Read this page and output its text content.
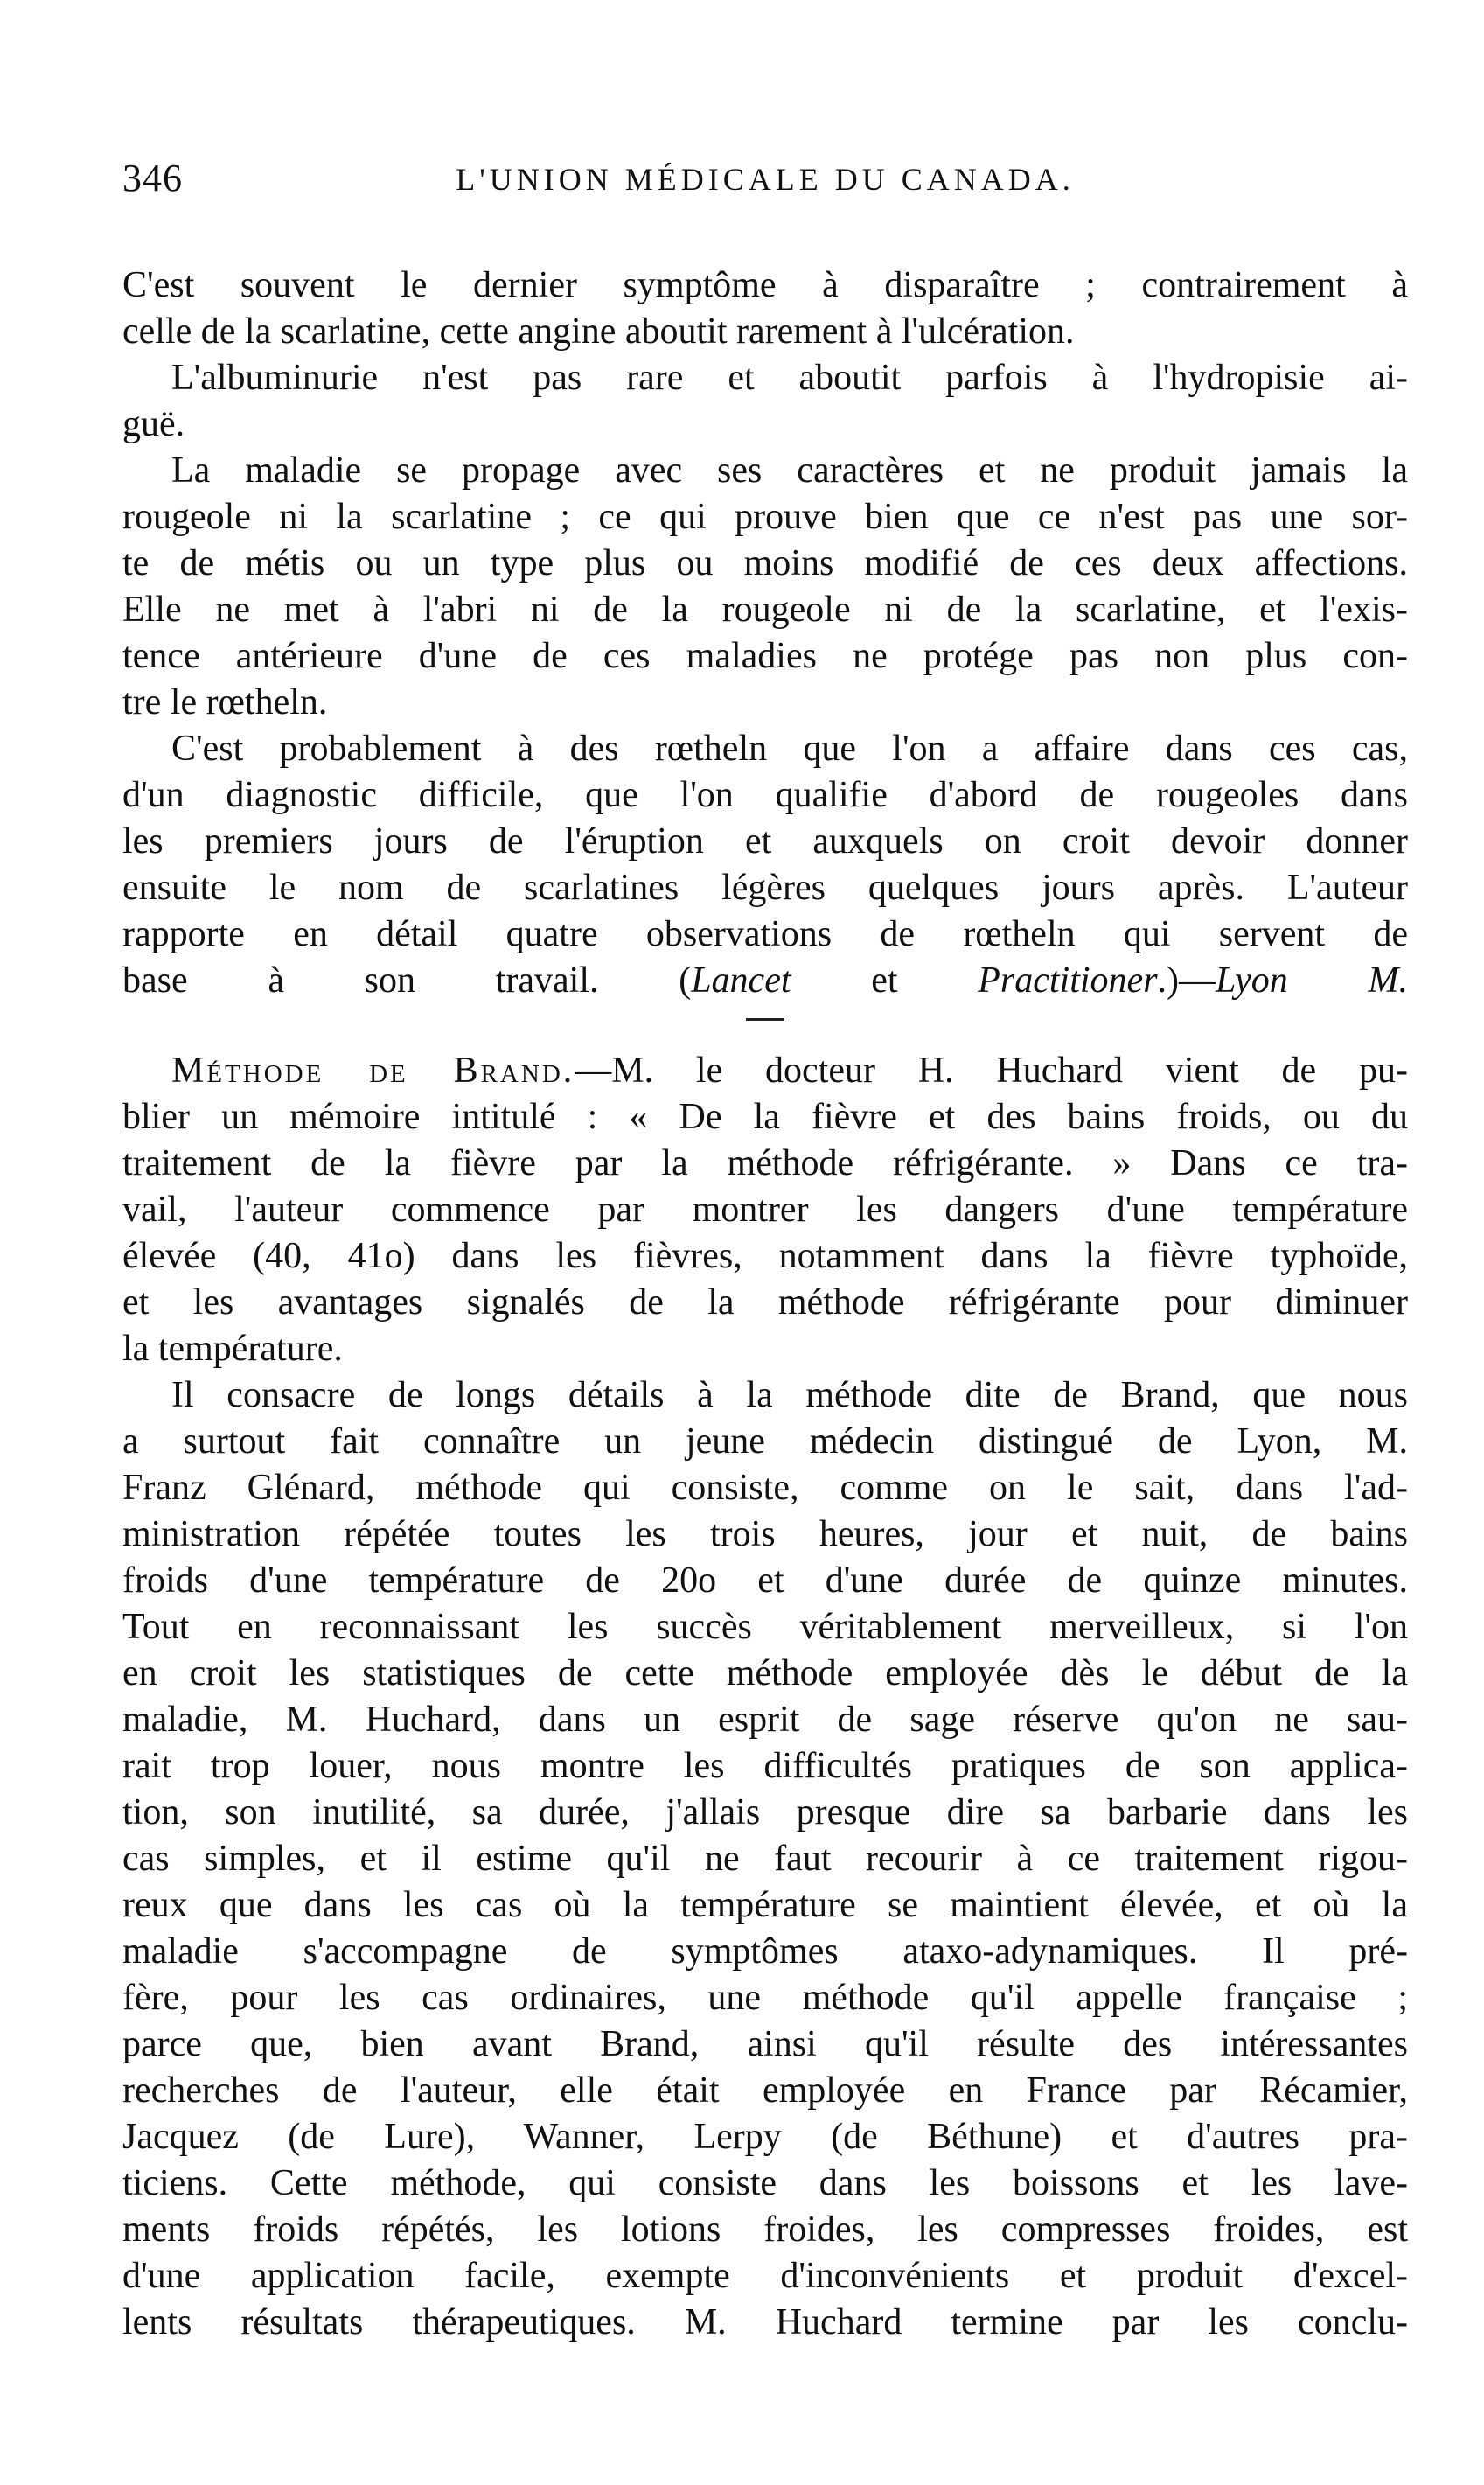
346	L'UNION MÉDICALE DU CANADA.
C'est souvent le dernier symptôme à disparaître ; contrairement à
celle de la scarlatine, cette angine aboutit rarement à l'ulcération.
L'albuminurie n'est pas rare et aboutit parfois à l'hydropisie ai-
guë.
La maladie se propage avec ses caractères et ne produit jamais la
rougeole ni la scarlatine ; ce qui prouve bien que ce n'est pas une sor-
te de métis ou un type plus ou moins modifié de ces deux affections.
Elle ne met à l'abri ni de la rougeole ni de la scarlatine, et l'exis-
tence antérieure d'une de ces maladies ne protége pas non plus con-
tre le rœtheln.
C'est probablement à des rœtheln que l'on a affaire dans ces cas,
d'un diagnostic difficile, que l'on qualifie d'abord de rougeoles dans
les premiers jours de l'éruption et auxquels on croit devoir donner
ensuite le nom de scarlatines légères quelques jours après. L'auteur
rapporte en détail quatre observations de rœtheln qui servent de
base à son travail. (Lancet et Practitioner.)—Lyon M.
Méthode de Brand.—M. le docteur H. Huchard vient de pu-
blier un mémoire intitulé : « De la fièvre et des bains froids, ou du
traitement de la fièvre par la méthode réfrigérante. » Dans ce tra-
vail, l'auteur commence par montrer les dangers d'une température
élevée (40, 41o) dans les fièvres, notamment dans la fièvre typhoïde,
et les avantages signalés de la méthode réfrigérante pour diminuer
la température.
Il consacre de longs détails à la méthode dite de Brand, que nous
a surtout fait connaître un jeune médecin distingué de Lyon, M.
Franz Glénard, méthode qui consiste, comme on le sait, dans l'ad-
ministration répétée toutes les trois heures, jour et nuit, de bains
froids d'une température de 20o et d'une durée de quinze minutes.
Tout en reconnaissant les succès véritablement merveilleux, si l'on
en croit les statistiques de cette méthode employée dès le début de la
maladie, M. Huchard, dans un esprit de sage réserve qu'on ne sau-
rait trop louer, nous montre les difficultés pratiques de son applica-
tion, son inutilité, sa durée, j'allais presque dire sa barbarie dans les
cas simples, et il estime qu'il ne faut recourir à ce traitement rigou-
reux que dans les cas où la température se maintient élevée, et où la
maladie s'accompagne de symptômes ataxo-adynamiques. Il pré-
fère, pour les cas ordinaires, une méthode qu'il appelle française ;
parce que, bien avant Brand, ainsi qu'il résulte des intéressantes
recherches de l'auteur, elle était employée en France par Récamier,
Jacquez (de Lure), Wanner, Lerpy (de Béthune) et d'autres pra-
ticiens. Cette méthode, qui consiste dans les boissons et les lave-
ments froids répétés, les lotions froides, les compresses froides, est
d'une application facile, exempte d'inconvénients et produit d'excel-
lents résultats thérapeutiques. M. Huchard termine par les conclu-
